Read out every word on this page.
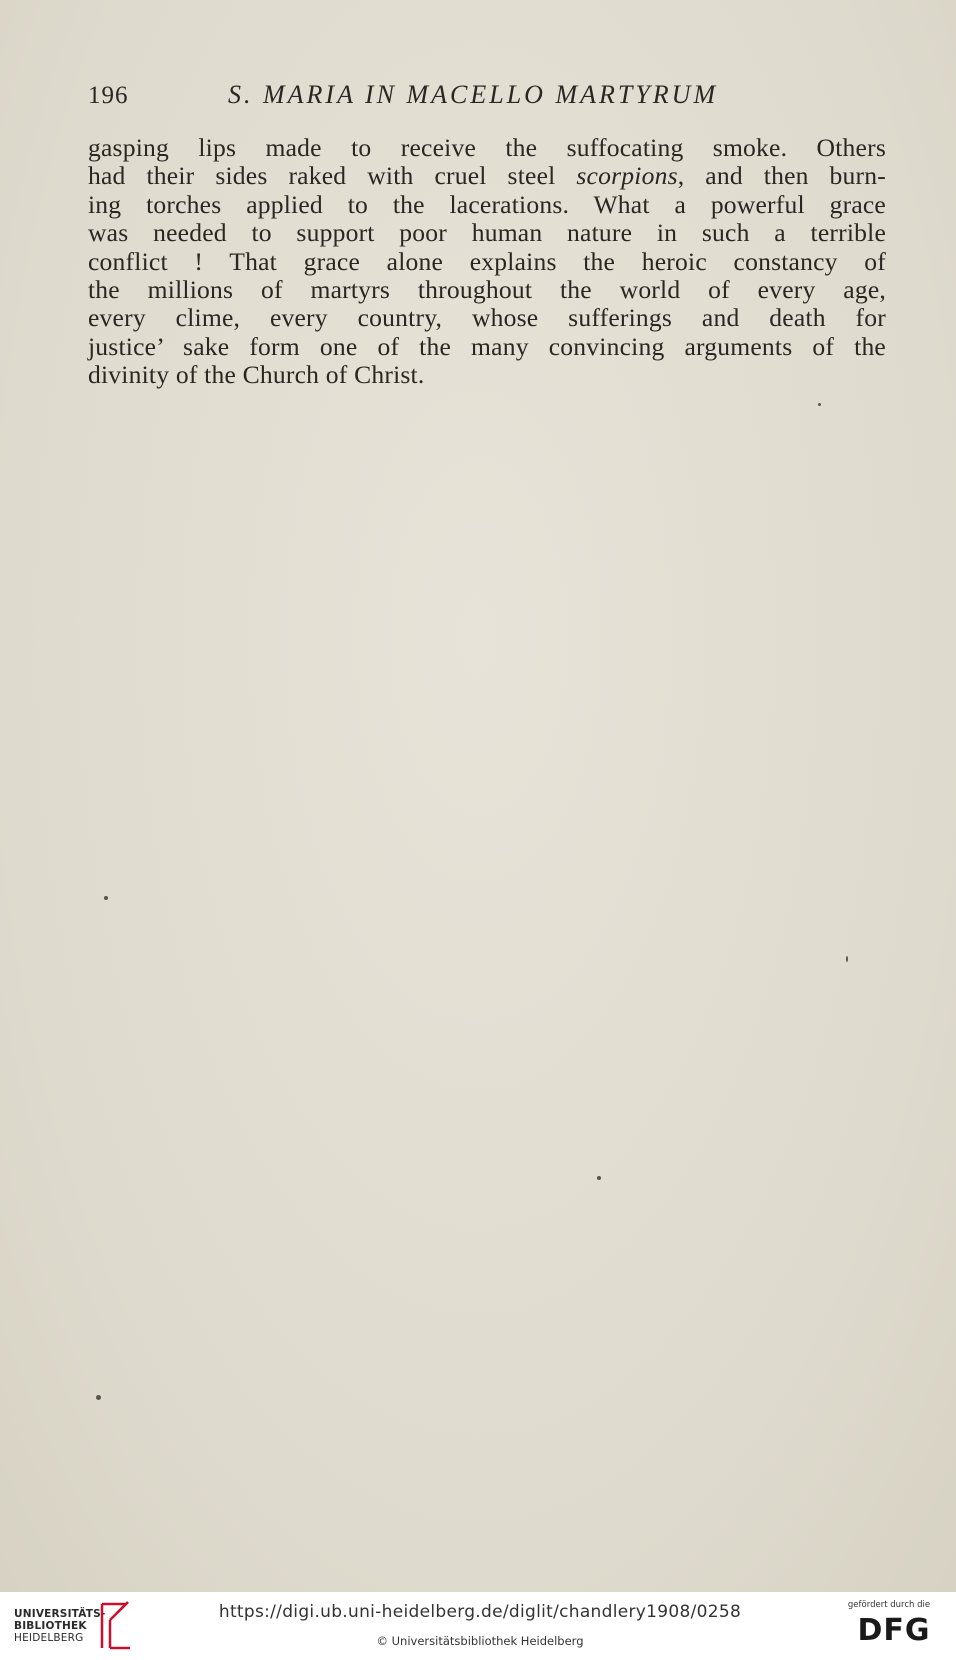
196	S. MARIA IN MACELLO MARTYRUM
gasping lips made to receive the suffocating smoke. Others
had their sides raked with cruel steel scorpions, and then burn-
ing torches applied to the lacerations. What a powerful grace
was needed to support poor human nature in such a terrible
conflict ! That grace alone explains the heroic constancy of
the millions of martyrs throughout the world of every age,
every clime, every country, whose sufferings and death for
justice’ sake form one of the many convincing arguments of the
divinity of the Church of Christ.
UNIVERSITÄTS-
BIBLIOTHEK
HEIDELBERG
https://digi.ub.uni-heidelberg.de/diglit/chandlery1908/0258
© Universitätsbibliothek Heidelberg
gefördert durch die
DFG
